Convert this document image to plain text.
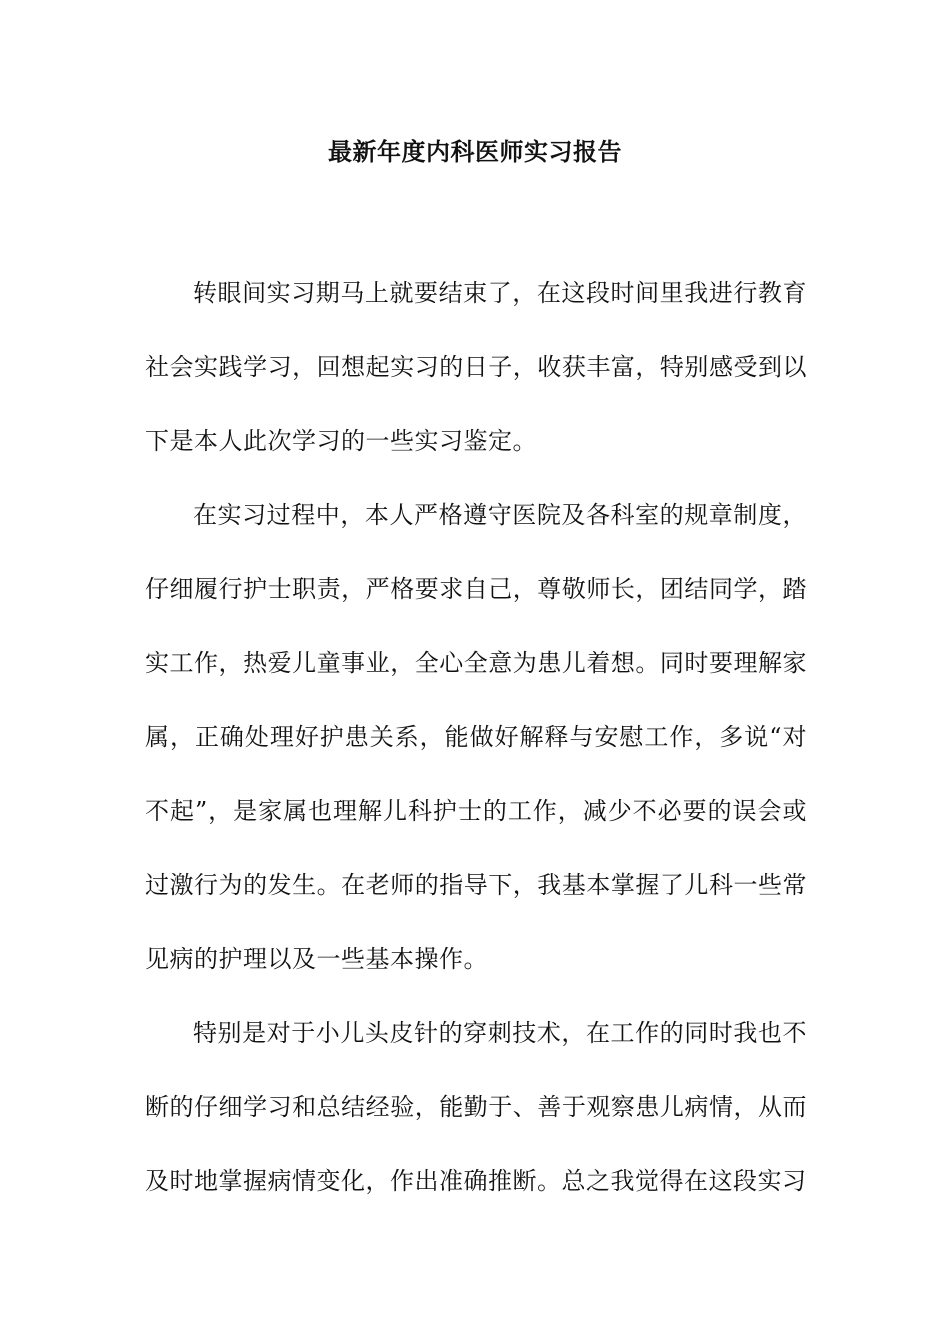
最新年度内科医师实习报告

转眼间实习期马上就要结束了，在这段时间里我进行教育社会实践学习，回想起实习的日子，收获丰富，特别感受到以下是本人此次学习的一些实习鉴定。

在实习过程中，本人严格遵守医院及各科室的规章制度，仔细履行护士职责，严格要求自己，尊敬师长，团结同学，踏实工作，热爱儿童事业，全心全意为患儿着想。同时要理解家属，正确处理好护患关系，能做好解释与安慰工作，多说“对不起”，是家属也理解儿科护士的工作，减少不必要的误会或过激行为的发生。在老师的指导下，我基本掌握了儿科一些常见病的护理以及一些基本操作。

特别是对于小儿头皮针的穿刺技术，在工作的同时我也不断的仔细学习和总结经验，能勤于、善于观察患儿病情，从而及时地掌握病情变化，作出准确推断。总之我觉得在这段实习
